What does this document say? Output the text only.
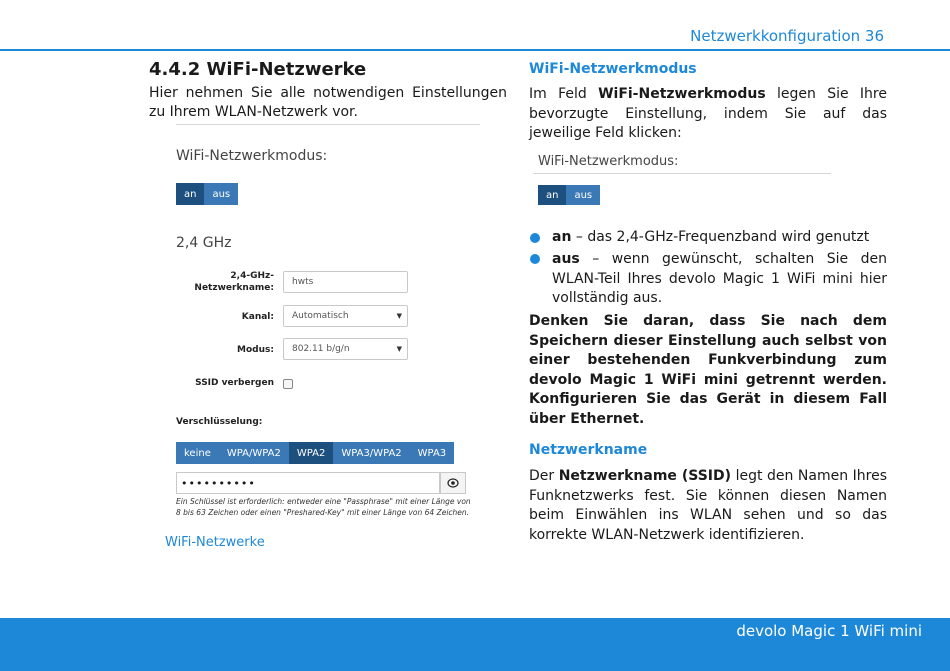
Netzwerkkonfiguration 36
4.4.2 WiFi-Netzwerke
Hier nehmen Sie alle notwendigen Einstellungen zu Ihrem WLAN-Netzwerk vor.
WiFi-Netzwerkmodus:
an	aus
2,4 GHz
2,4-GHz-
Netzwerkname:
hwts
Kanal: Automatisch	▼
Modus: 802.11 b/g/n	▼
SSID verbergen
Verschlüsselung:
keine	WPA/WPA2	WPA2	WPA3/WPA2	WPA3
••••••••••
Ein Schlüssel ist erforderlich: entweder eine "Passphrase" mit einer Länge von 8 bis 63 Zeichen oder einen "Preshared-Key" mit einer Länge von 64 Zeichen.
WiFi-Netzwerke
WiFi-Netzwerkmodus
Im Feld WiFi-Netzwerkmodus legen Sie Ihre bevorzugte Einstellung, indem Sie auf das jeweilige Feld klicken:
WiFi-Netzwerkmodus:
an	aus
an – das 2,4-GHz-Frequenzband wird genutzt
aus – wenn gewünscht, schalten Sie den WLAN-Teil Ihres devolo Magic 1 WiFi mini hier vollständig aus.
Denken Sie daran, dass Sie nach dem Speichern dieser Einstellung auch selbst von einer bestehenden Funkverbindung zum devolo Magic 1 WiFi mini getrennt werden. Konfigurieren Sie das Gerät in diesem Fall über Ethernet.
Netzwerkname
Der Netzwerkname (SSID) legt den Namen Ihres Funknetzwerks fest. Sie können diesen Namen beim Einwählen ins WLAN sehen und so das korrekte WLAN-Netzwerk identifizieren.
devolo Magic 1 WiFi mini
